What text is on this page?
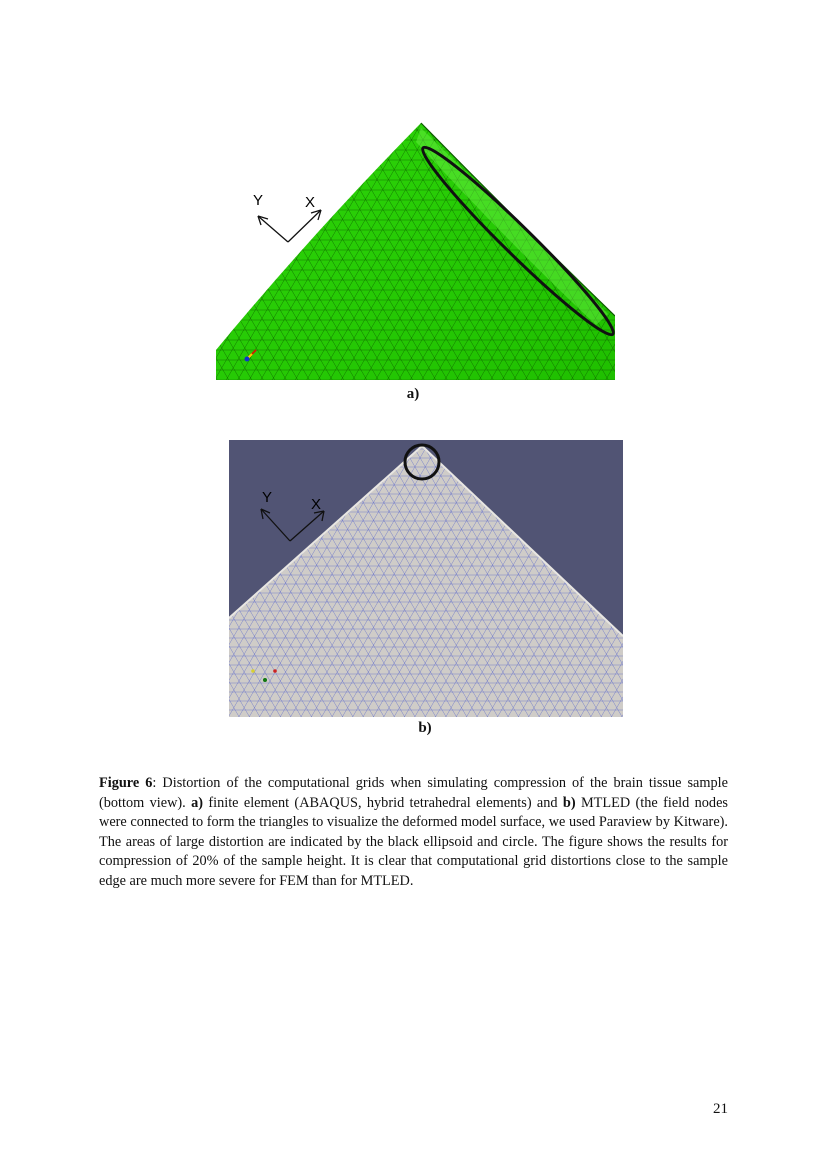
Y	X
a)
Y	X
b)
Figure 6: Distortion of the computational grids when simulating compression of the brain tissue sample (bottom view). a) finite element (ABAQUS, hybrid tetrahedral elements) and b) MTLED (the field nodes were connected to form the triangles to visualize the deformed model surface, we used Paraview by Kitware). The areas of large distortion are indicated by the black ellipsoid and circle. The figure shows the results for compression of 20% of the sample height. It is clear that computational grid distortions close to the sample edge are much more severe for FEM than for MTLED.
21
